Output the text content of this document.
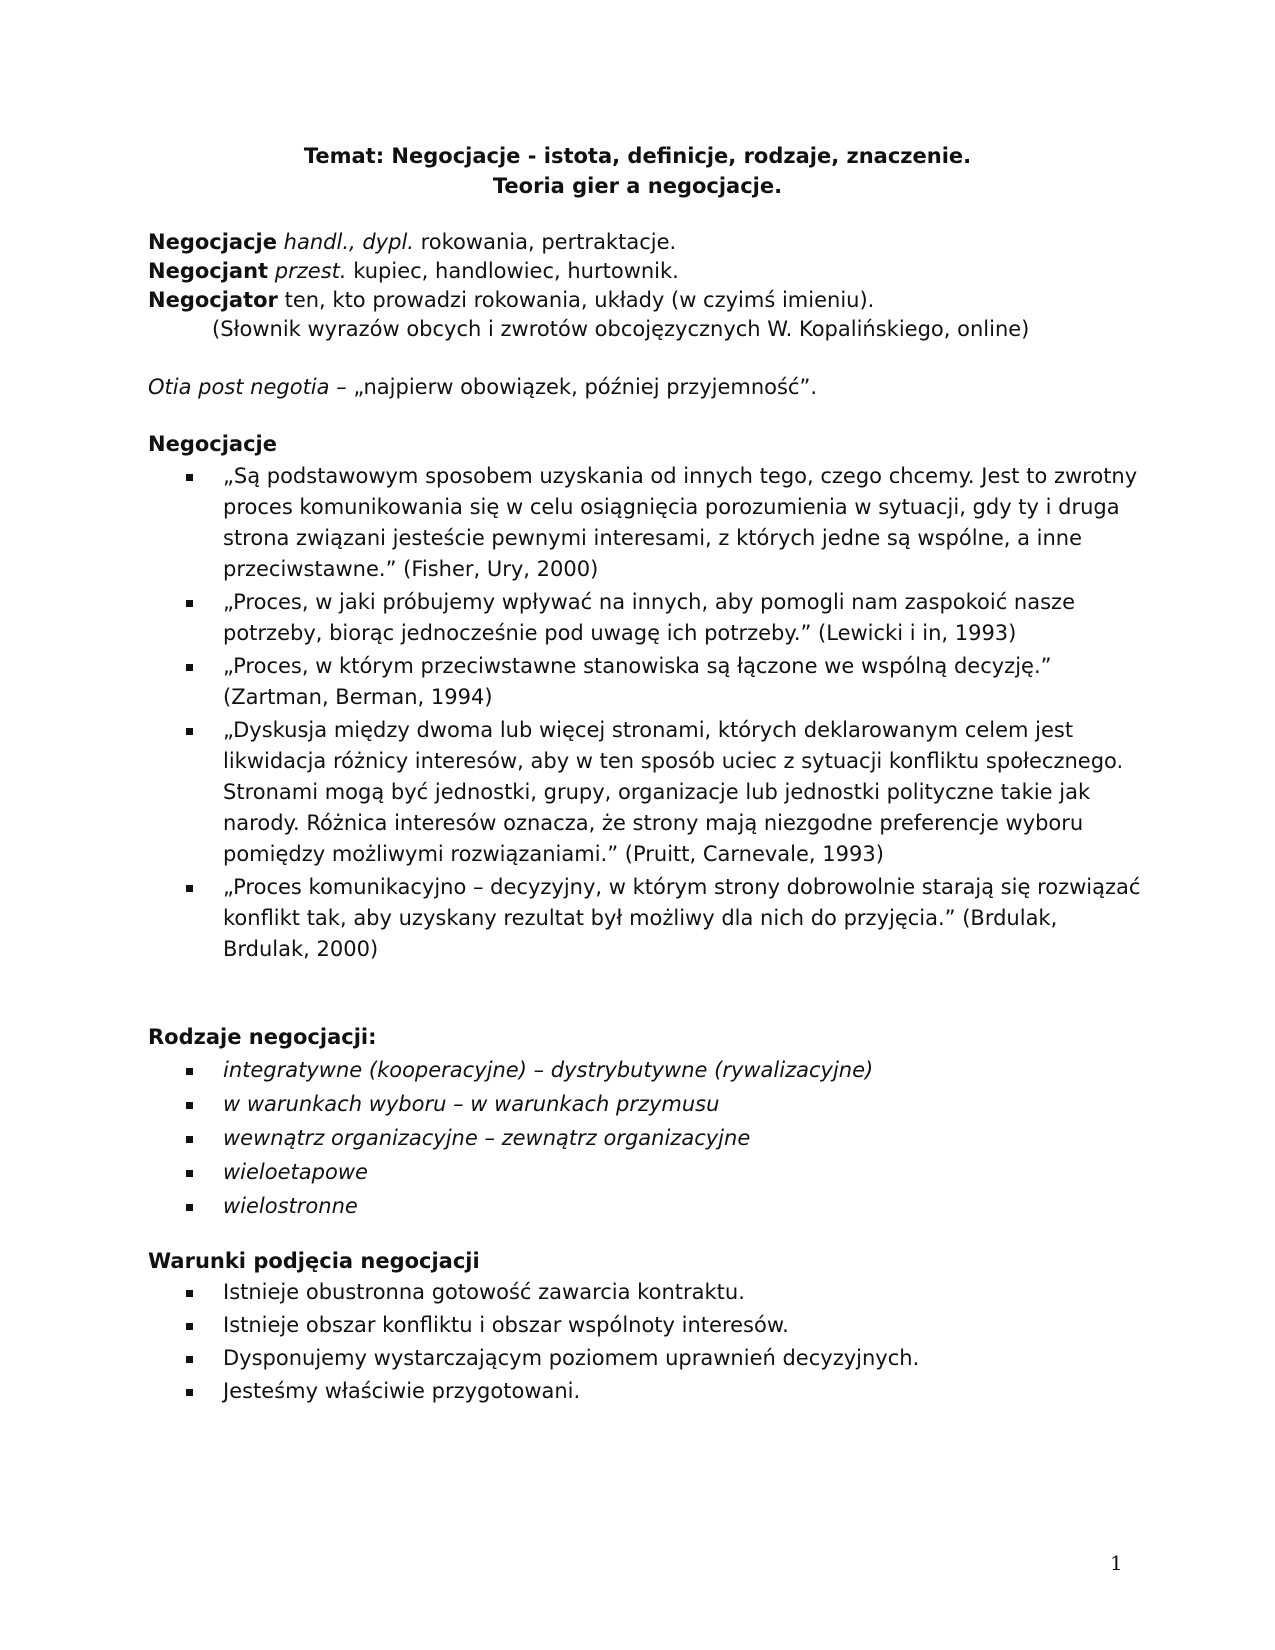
Temat: Negocjacje - istota, definicje, rodzaje, znaczenie.
Teoria gier a negocjacje.
Negocjacje handl., dypl. rokowania, pertraktacje.
Negocjant przest. kupiec, handlowiec, hurtownik.
Negocjator ten, kto prowadzi rokowania, układy (w czyimś imieniu).
(Słownik wyrazów obcych i zwrotów obcojęzycznych W. Kopalińskiego, online)
Otia post negotia – „najpierw obowiązek, później przyjemność”.
Negocjacje
„Są podstawowym sposobem uzyskania od innych tego, czego chcemy. Jest to zwrotny proces komunikowania się w celu osiągnięcia porozumienia w sytuacji, gdy ty i druga strona związani jesteście pewnymi interesami, z których jedne są wspólne, a inne przeciwstawne.” (Fisher, Ury, 2000)
„Proces, w jaki próbujemy wpływać na innych, aby pomogli nam zaspokoić nasze potrzeby, biorąc jednocześnie pod uwagę ich potrzeby.” (Lewicki i in, 1993)
„Proces, w którym przeciwstawne stanowiska są łączone we wspólną decyzję.” (Zartman, Berman, 1994)
„Dyskusja między dwoma lub więcej stronami, których deklarowanym celem jest likwidacja różnicy interesów, aby w ten sposób uciec z sytuacji konfliktu społecznego. Stronami mogą być jednostki, grupy, organizacje lub jednostki polityczne takie jak narody. Różnica interesów oznacza, że strony mają niezgodne preferencje wyboru pomiędzy możliwymi rozwiązaniami.” (Pruitt, Carnevale, 1993)
„Proces komunikacyjno – decyzyjny, w którym strony dobrowolnie starają się rozwiązać konflikt tak, aby uzyskany rezultat był możliwy dla nich do przyjęcia.” (Brdulak, Brdulak, 2000)
Rodzaje negocjacji:
integratywne (kooperacyjne) – dystrybutywne (rywalizacyjne)
w warunkach wyboru – w warunkach przymusu
wewnątrz organizacyjne – zewnątrz organizacyjne
wieloetapowe
wielostronne
Warunki podjęcia negocjacji
Istnieje obustronna gotowość zawarcia kontraktu.
Istnieje obszar konfliktu i obszar wspólnoty interesów.
Dysponujemy wystarczającym poziomem uprawnień decyzyjnych.
Jesteśmy właściwie przygotowani.
1
